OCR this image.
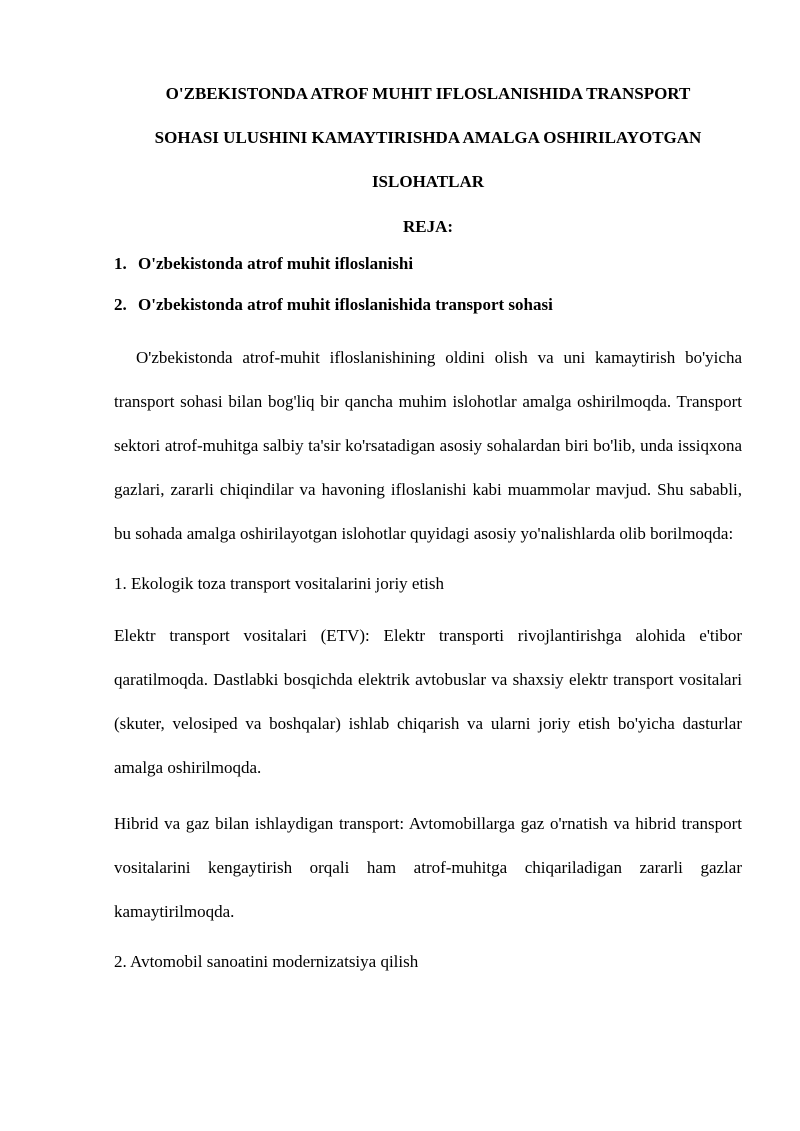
O'ZBEKISTONDA ATROF MUHIT IFLOSLANISHIDA TRANSPORT
SOHASI ULUSHINI KAMAYTIRISHDA AMALGA OSHIRILAYOTGAN
ISLOHATLAR
REJA:
1. O'zbekistonda atrof muhit ifloslanishi
2. O'zbekistonda atrof muhit ifloslanishida transport sohasi

O'zbekistonda atrof-muhit ifloslanishining oldini olish va uni kamaytirish bo'yicha transport sohasi bilan bog'liq bir qancha muhim islohotlar amalga oshirilmoqda. Transport sektori atrof-muhitga salbiy ta'sir ko'rsatadigan asosiy sohalardan biri bo'lib, unda issiqxona gazlari, zararli chiqindilar va havoning ifloslanishi kabi muammolar mavjud. Shu sababli, bu sohada amalga oshirilayotgan islohotlar quyidagi asosiy yo'nalishlarda olib borilmoqda:

1. Ekologik toza transport vositalarini joriy etish

Elektr transport vositalari (ETV): Elektr transporti rivojlantirishga alohida e'tibor qaratilmoqda. Dastlabki bosqichda elektrik avtobuslar va shaxsiy elektr transport vositalari (skuter, velosiped va boshqalar) ishlab chiqarish va ularni joriy etish bo'yicha dasturlar amalga oshirilmoqda.

Hibrid va gaz bilan ishlaydigan transport: Avtomobillarga gaz o'rnatish va hibrid transport vositalarini kengaytirish orqali ham atrof-muhitga chiqariladigan zararli gazlar kamaytirilmoqda.

2. Avtomobil sanoatini modernizatsiya qilish
